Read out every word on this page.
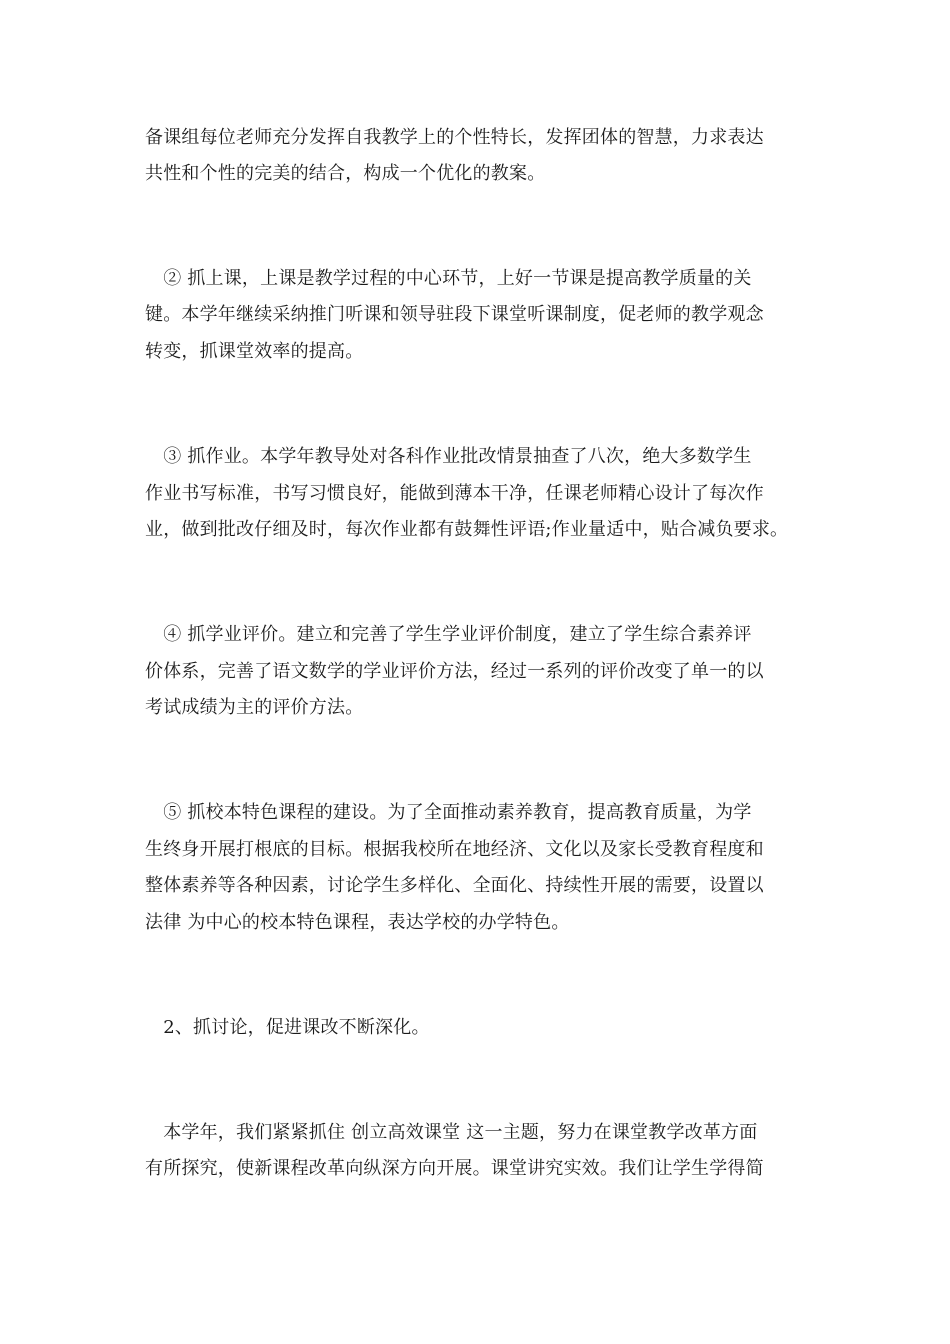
备课组每位老师充分发挥自我教学上的个性特长，发挥团体的智慧，力求表达
共性和个性的完美的结合，构成一个优化的教案。
　② 抓上课，上课是教学过程的中心环节，上好一节课是提高教学质量的关
键。本学年继续采纳推门听课和领导驻段下课堂听课制度，促老师的教学观念
转变，抓课堂效率的提高。
　③ 抓作业。本学年教导处对各科作业批改情景抽查了八次，绝大多数学生
作业书写标准，书写习惯良好，能做到薄本干净，任课老师精心设计了每次作
业，做到批改仔细及时，每次作业都有鼓舞性评语;作业量适中，贴合减负要求。
　④ 抓学业评价。建立和完善了学生学业评价制度，建立了学生综合素养评
价体系，完善了语文数学的学业评价方法，经过一系列的评价改变了单一的以
考试成绩为主的评价方法。
　⑤ 抓校本特色课程的建设。为了全面推动素养教育，提高教育质量，为学
生终身开展打根底的目标。根据我校所在地经济、文化以及家长受教育程度和
整体素养等各种因素，讨论学生多样化、全面化、持续性开展的需要，设置以
法律 为中心的校本特色课程，表达学校的办学特色。
　2、抓讨论，促进课改不断深化。
　本学年，我们紧紧抓住 创立高效课堂 这一主题，努力在课堂教学改革方面
有所探究，使新课程改革向纵深方向开展。课堂讲究实效。我们让学生学得简
